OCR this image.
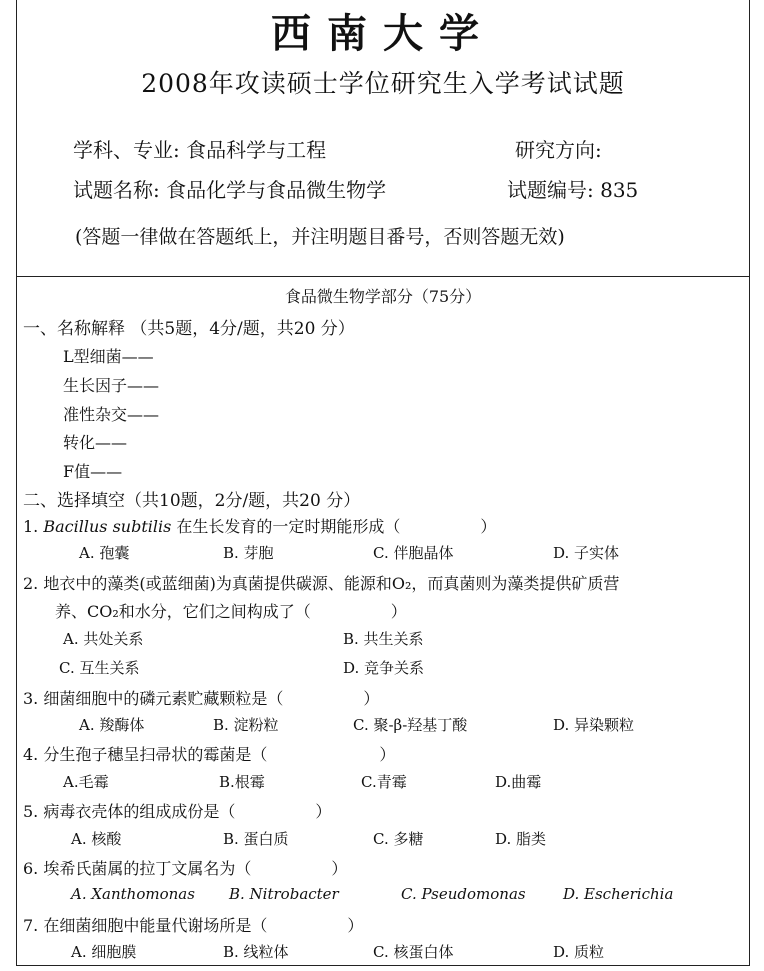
西南大学
2008年攻读硕士学位研究生入学考试试题
学科、专业: 食品科学与工程	研究方向:
试题名称: 食品化学与食品微生物学	试题编号: 835
(答题一律做在答题纸上，并注明题目番号，否则答题无效)
食品微生物学部分（75分）
一、名称解释 （共5题，4分/题，共20 分）
L型细菌——
生长因子——
准性杂交——
转化——
F值——
二、选择填空（共10题，2分/题，共20 分）
1. Bacillus subtilis 在生长发育的一定时期能形成（　　　　　）
A. 孢囊	B. 芽胞	C. 伴胞晶体	D. 子实体
2. 地衣中的藻类(或蓝细菌)为真菌提供碳源、能源和O₂，而真菌则为藻类提供矿质营
养、CO₂和水分，它们之间构成了（　　　　　）
A. 共处关系	B. 共生关系
C. 互生关系	D. 竞争关系
3. 细菌细胞中的磷元素贮藏颗粒是（　　　　　）
A. 羧酶体	B. 淀粉粒	C. 聚-β-羟基丁酸	D. 异染颗粒
4. 分生孢子穗呈扫帚状的霉菌是（　　　　　　　）
A.毛霉	B.根霉	C.青霉	D.曲霉
5. 病毒衣壳体的组成成份是（　　　　　）
A. 核酸	B. 蛋白质	C. 多糖	D. 脂类
6. 埃希氏菌属的拉丁文属名为（　　　　　）
A. Xanthomonas B. Nitrobacter	C. Pseudomonas D. Escherichia
7. 在细菌细胞中能量代谢场所是（　　　　　）
A. 细胞膜	B. 线粒体	C. 核蛋白体	D. 质粒
